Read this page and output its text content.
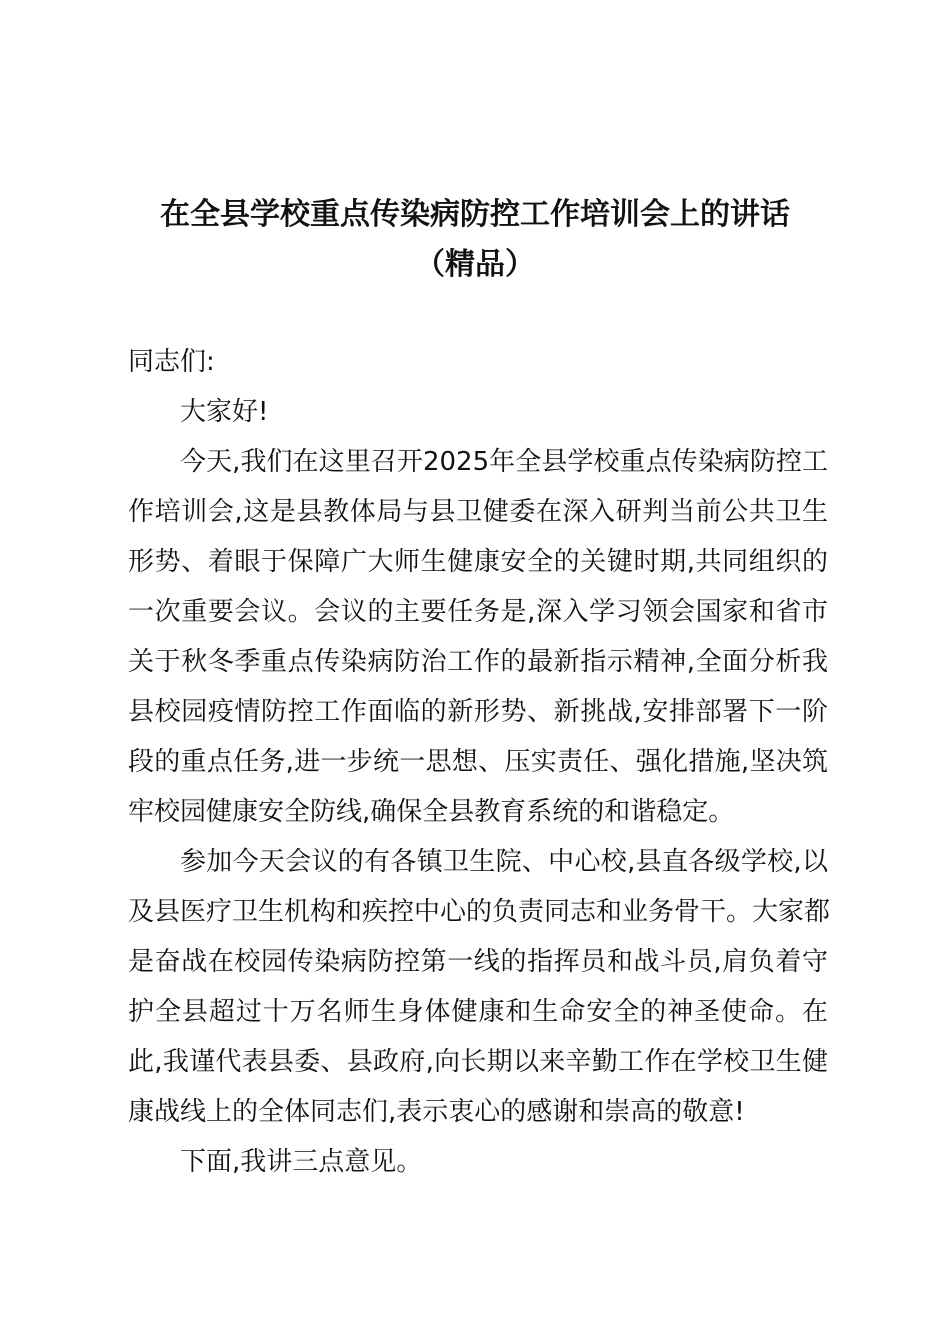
在全县学校重点传染病防控工作培训会上的讲话
（精品）
同志们:
大家好!
今天,我们在这里召开2025年全县学校重点传染病防控工
作培训会,这是县教体局与县卫健委在深入研判当前公共卫生
形势、着眼于保障广大师生健康安全的关键时期,共同组织的
一次重要会议。会议的主要任务是,深入学习领会国家和省市
关于秋冬季重点传染病防治工作的最新指示精神,全面分析我
县校园疫情防控工作面临的新形势、新挑战,安排部署下一阶
段的重点任务,进一步统一思想、压实责任、强化措施,坚决筑
牢校园健康安全防线,确保全县教育系统的和谐稳定。
参加今天会议的有各镇卫生院、中心校,县直各级学校,以
及县医疗卫生机构和疾控中心的负责同志和业务骨干。大家都
是奋战在校园传染病防控第一线的指挥员和战斗员,肩负着守
护全县超过十万名师生身体健康和生命安全的神圣使命。在
此,我谨代表县委、县政府,向长期以来辛勤工作在学校卫生健
康战线上的全体同志们,表示衷心的感谢和崇高的敬意!
下面,我讲三点意见。
